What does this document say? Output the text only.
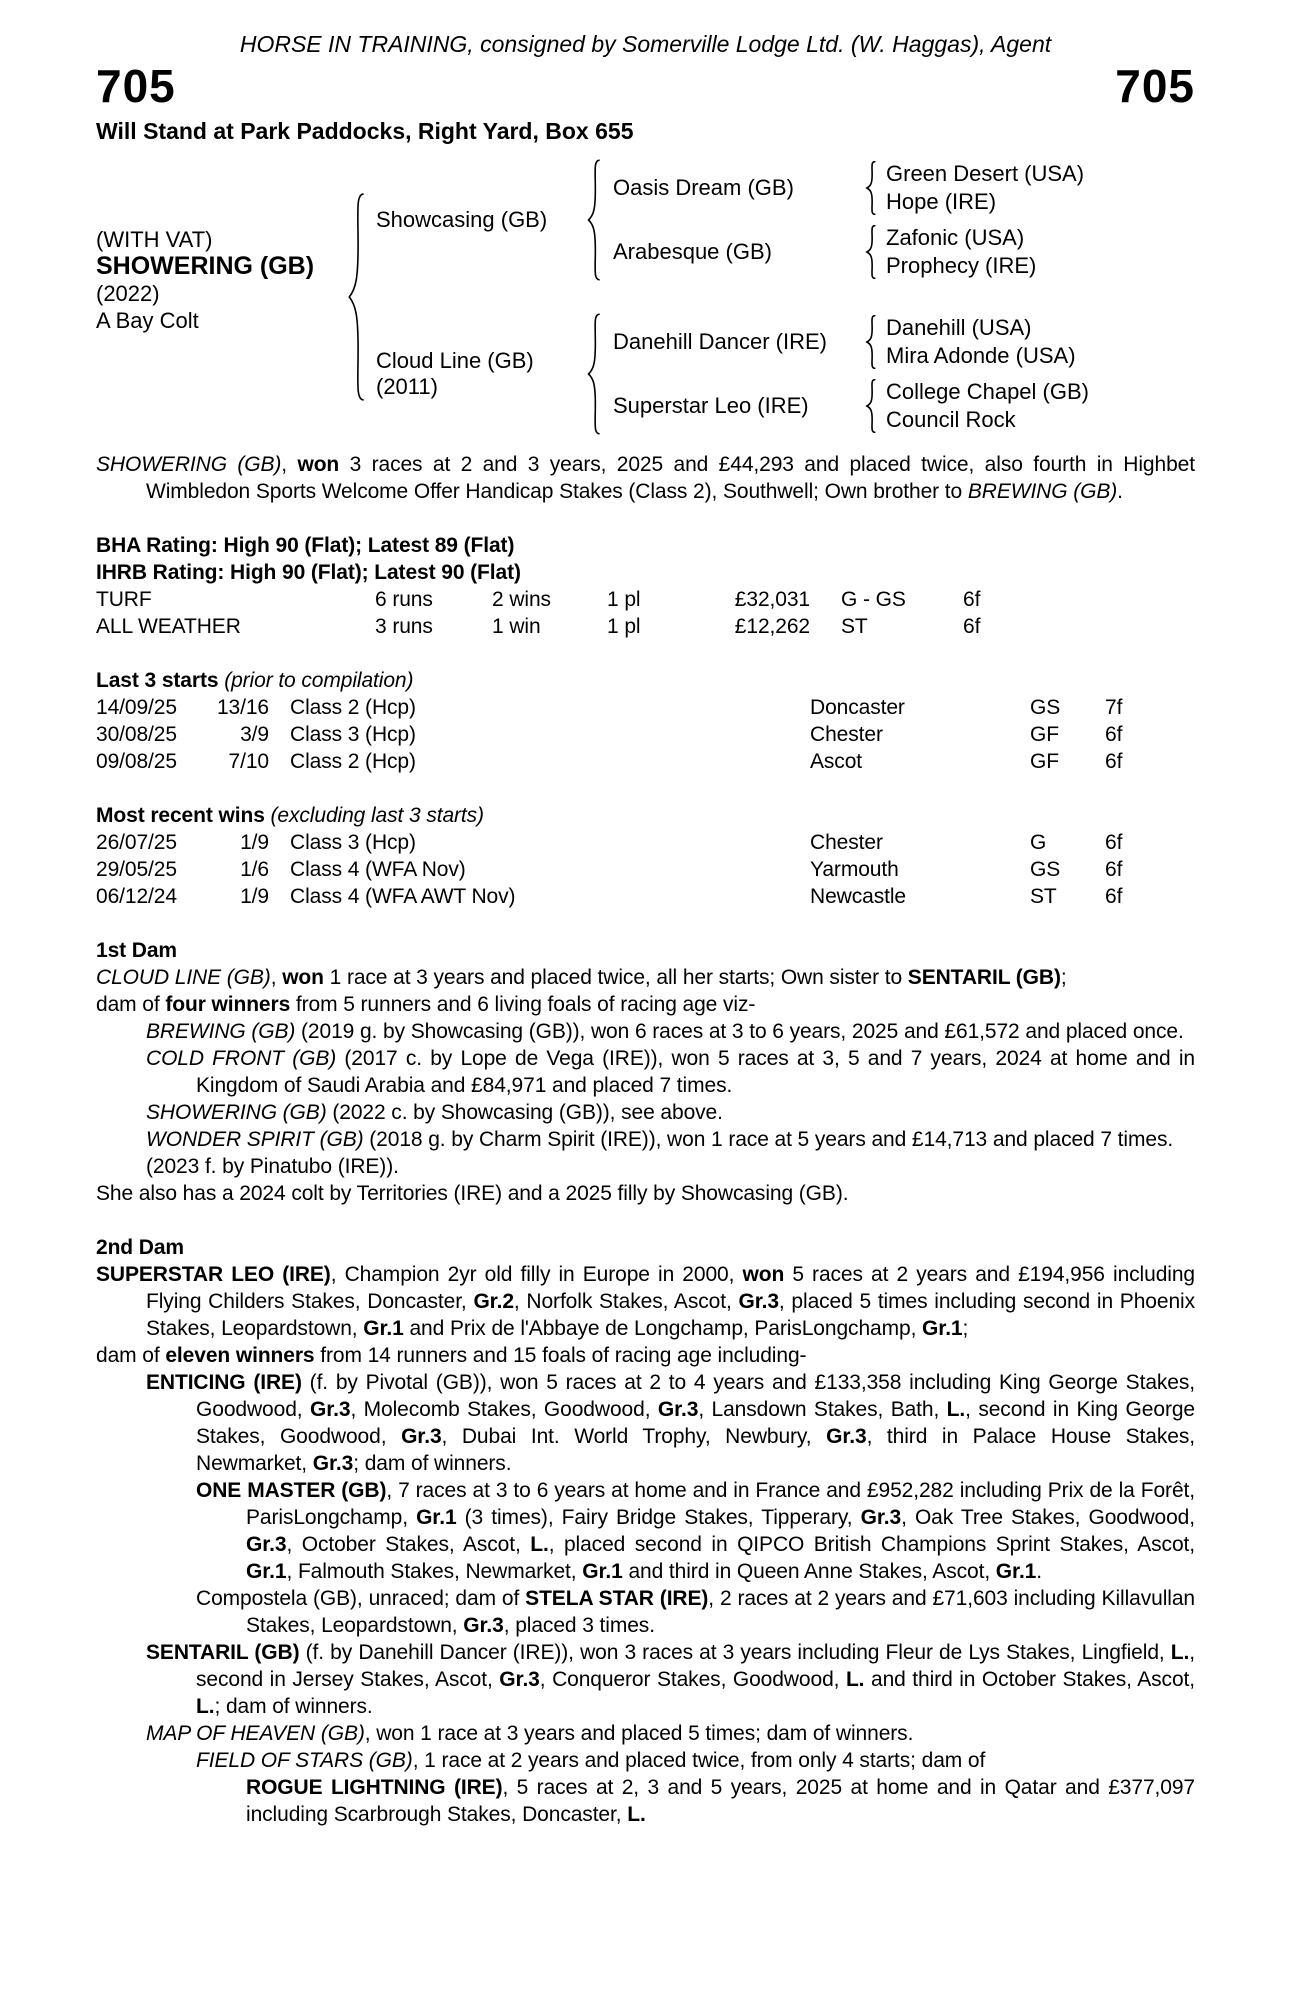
HORSE IN TRAINING, consigned by Somerville Lodge Ltd. (W. Haggas), Agent
705	705
Will Stand at Park Paddocks, Right Yard, Box 655
(WITH VAT)
SHOWERING (GB)
(2022)
A Bay Colt
Showcasing (GB)
Oasis Dream (GB)
Green Desert (USA)
Hope (IRE)
Arabesque (GB)
Zafonic (USA)
Prophecy (IRE)
Cloud Line (GB)
(2011)
Danehill Dancer (IRE)
Danehill (USA)
Mira Adonde (USA)
Superstar Leo (IRE)
College Chapel (GB)
Council Rock

SHOWERING (GB), won 3 races at 2 and 3 years, 2025 and £44,293 and placed twice, also fourth in Highbet Wimbledon Sports Welcome Offer Handicap Stakes (Class 2), Southwell; Own brother to BREWING (GB).

BHA Rating: High 90 (Flat); Latest 89 (Flat)
IHRB Rating: High 90 (Flat); Latest 90 (Flat)
TURF	6 runs	2 wins	1 pl	£32,031 G - GS	6f
ALL WEATHER	3 runs	1 win	1 pl	£12,262 ST	6f
Last 3 starts (prior to compilation)
14/09/25	13/16 Class 2 (Hcp)	Doncaster	GS	7f
30/08/25	3/9 Class 3 (Hcp)	Chester	GF	6f
09/08/25	7/10 Class 2 (Hcp)	Ascot	GF	6f
Most recent wins (excluding last 3 starts)
26/07/25	1/9 Class 3 (Hcp)	Chester	G	6f
29/05/25	1/6 Class 4 (WFA Nov)	Yarmouth	GS	6f
06/12/24	1/9 Class 4 (WFA AWT Nov)	Newcastle	ST	6f
1st Dam

CLOUD LINE (GB), won 1 race at 3 years and placed twice, all her starts; Own sister to SENTARIL (GB);

dam of four winners from 5 runners and 6 living foals of racing age viz-

BREWING (GB) (2019 g. by Showcasing (GB)), won 6 races at 3 to 6 years, 2025 and £61,572 and placed once.

COLD FRONT (GB) (2017 c. by Lope de Vega (IRE)), won 5 races at 3, 5 and 7 years, 2024 at home and in Kingdom of Saudi Arabia and £84,971 and placed 7 times.

SHOWERING (GB) (2022 c. by Showcasing (GB)), see above.

WONDER SPIRIT (GB) (2018 g. by Charm Spirit (IRE)), won 1 race at 5 years and £14,713 and placed 7 times.

(2023 f. by Pinatubo (IRE)).

She also has a 2024 colt by Territories (IRE) and a 2025 filly by Showcasing (GB).

2nd Dam

SUPERSTAR LEO (IRE), Champion 2yr old filly in Europe in 2000, won 5 races at 2 years and £194,956 including Flying Childers Stakes, Doncaster, Gr.2, Norfolk Stakes, Ascot, Gr.3, placed 5 times including second in Phoenix Stakes, Leopardstown, Gr.1 and Prix de l'Abbaye de Longchamp, ParisLongchamp, Gr.1;

dam of eleven winners from 14 runners and 15 foals of racing age including-

ENTICING (IRE) (f. by Pivotal (GB)), won 5 races at 2 to 4 years and £133,358 including King George Stakes, Goodwood, Gr.3, Molecomb Stakes, Goodwood, Gr.3, Lansdown Stakes, Bath, L., second in King George Stakes, Goodwood, Gr.3, Dubai Int. World Trophy, Newbury, Gr.3, third in Palace House Stakes, Newmarket, Gr.3; dam of winners.

ONE MASTER (GB), 7 races at 3 to 6 years at home and in France and £952,282 including Prix de la Forêt, ParisLongchamp, Gr.1 (3 times), Fairy Bridge Stakes, Tipperary, Gr.3, Oak Tree Stakes, Goodwood, Gr.3, October Stakes, Ascot, L., placed second in QIPCO British Champions Sprint Stakes, Ascot, Gr.1, Falmouth Stakes, Newmarket, Gr.1 and third in Queen Anne Stakes, Ascot, Gr.1.

Compostela (GB), unraced; dam of STELA STAR (IRE), 2 races at 2 years and £71,603 including Killavullan Stakes, Leopardstown, Gr.3, placed 3 times.

SENTARIL (GB) (f. by Danehill Dancer (IRE)), won 3 races at 3 years including Fleur de Lys Stakes, Lingfield, L., second in Jersey Stakes, Ascot, Gr.3, Conqueror Stakes, Goodwood, L. and third in October Stakes, Ascot, L.; dam of winners.

MAP OF HEAVEN (GB), won 1 race at 3 years and placed 5 times; dam of winners.

FIELD OF STARS (GB), 1 race at 2 years and placed twice, from only 4 starts; dam of

ROGUE LIGHTNING (IRE), 5 races at 2, 3 and 5 years, 2025 at home and in Qatar and £377,097 including Scarbrough Stakes, Doncaster, L.
